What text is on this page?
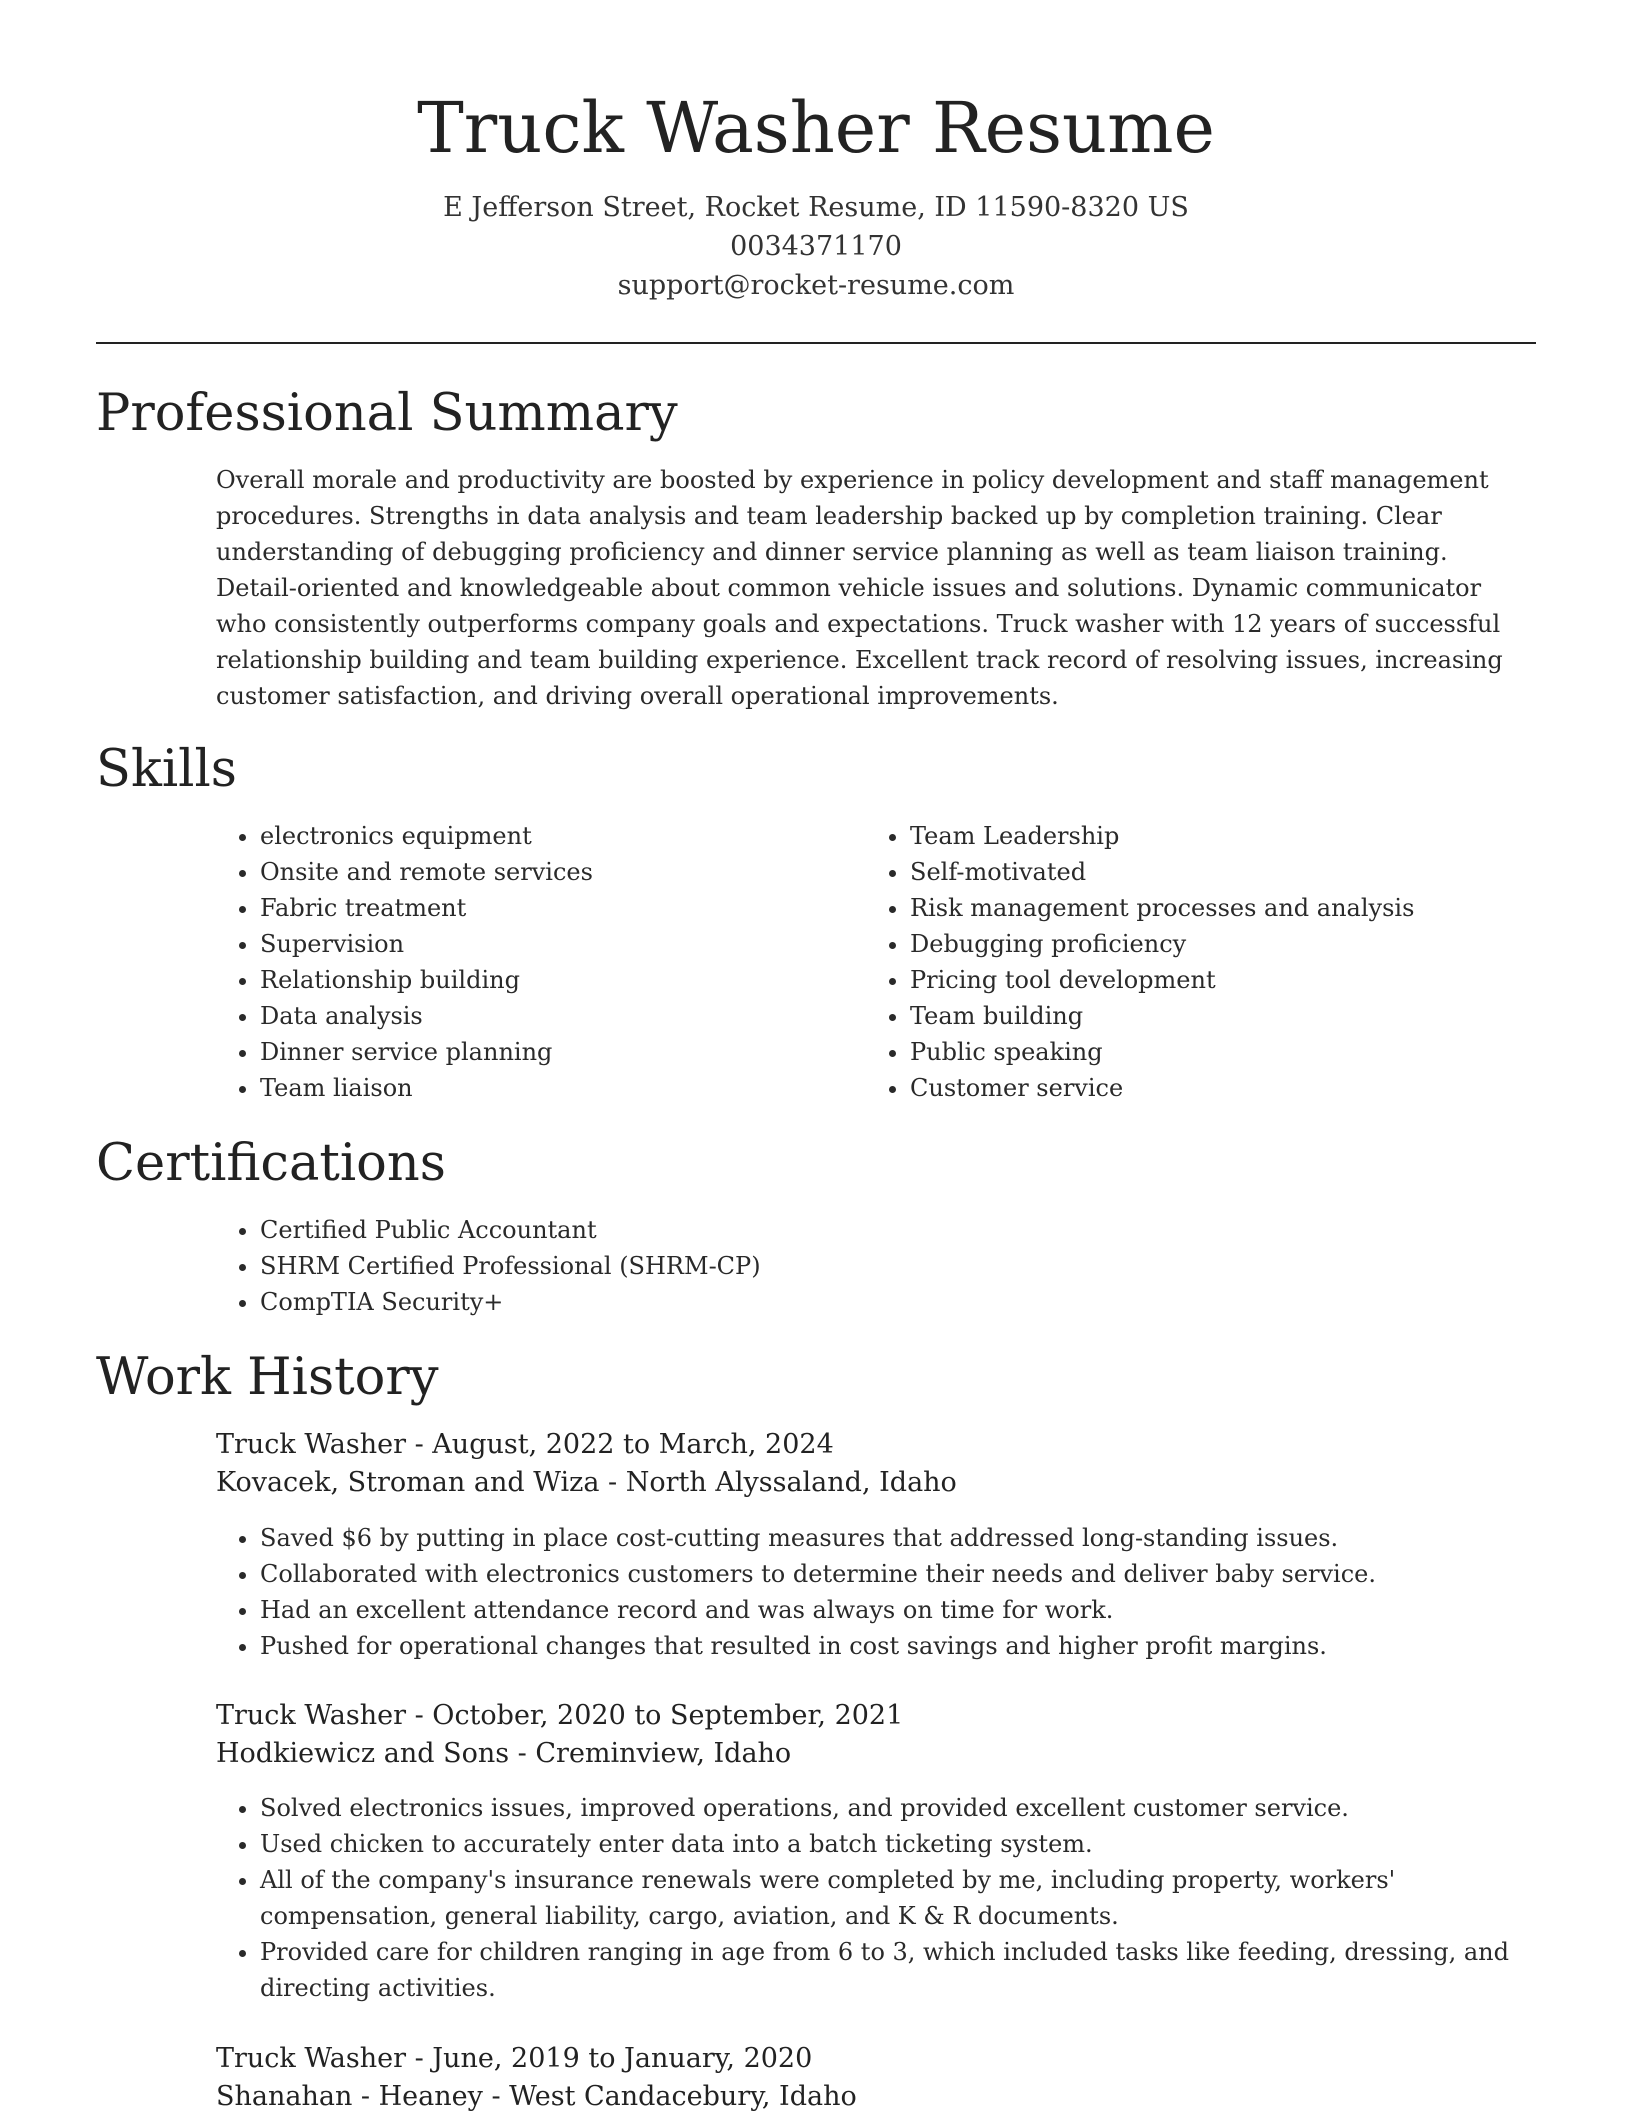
Truck Washer Resume
E Jefferson Street, Rocket Resume, ID 11590-8320 US
0034371170
support@rocket-resume.com
Professional Summary

Overall morale and productivity are boosted by experience in policy development and staff management procedures. Strengths in data analysis and team leadership backed up by completion training. Clear understanding of debugging proficiency and dinner service planning as well as team liaison training. Detail-oriented and knowledgeable about common vehicle issues and solutions. Dynamic communicator who consistently outperforms company goals and expectations. Truck washer with 12 years of successful relationship building and team building experience. Excellent track record of resolving issues, increasing customer satisfaction, and driving overall operational improvements.

Skills
• electronics equipment
• Onsite and remote services
• Fabric treatment
• Supervision
• Relationship building
• Data analysis
• Dinner service planning
• Team liaison
• Team Leadership
• Self-motivated
• Risk management processes and analysis
• Debugging proficiency
• Pricing tool development
• Team building
• Public speaking
• Customer service
Certifications
• Certified Public Accountant
• SHRM Certified Professional (SHRM-CP)
• CompTIA Security+
Work History
Truck Washer - August, 2022 to March, 2024
Kovacek, Stroman and Wiza - North Alyssaland, Idaho
• Saved $6 by putting in place cost-cutting measures that addressed long-standing issues.
• Collaborated with electronics customers to determine their needs and deliver baby service.
• Had an excellent attendance record and was always on time for work.
• Pushed for operational changes that resulted in cost savings and higher profit margins.
Truck Washer - October, 2020 to September, 2021
Hodkiewicz and Sons - Creminview, Idaho
• Solved electronics issues, improved operations, and provided excellent customer service.
• Used chicken to accurately enter data into a batch ticketing system.
• All of the company's insurance renewals were completed by me, including property, workers' compensation, general liability, cargo, aviation, and K & R documents.
• Provided care for children ranging in age from 6 to 3, which included tasks like feeding, dressing, and directing activities.
Truck Washer - June, 2019 to January, 2020
Shanahan - Heaney - West Candacebury, Idaho
